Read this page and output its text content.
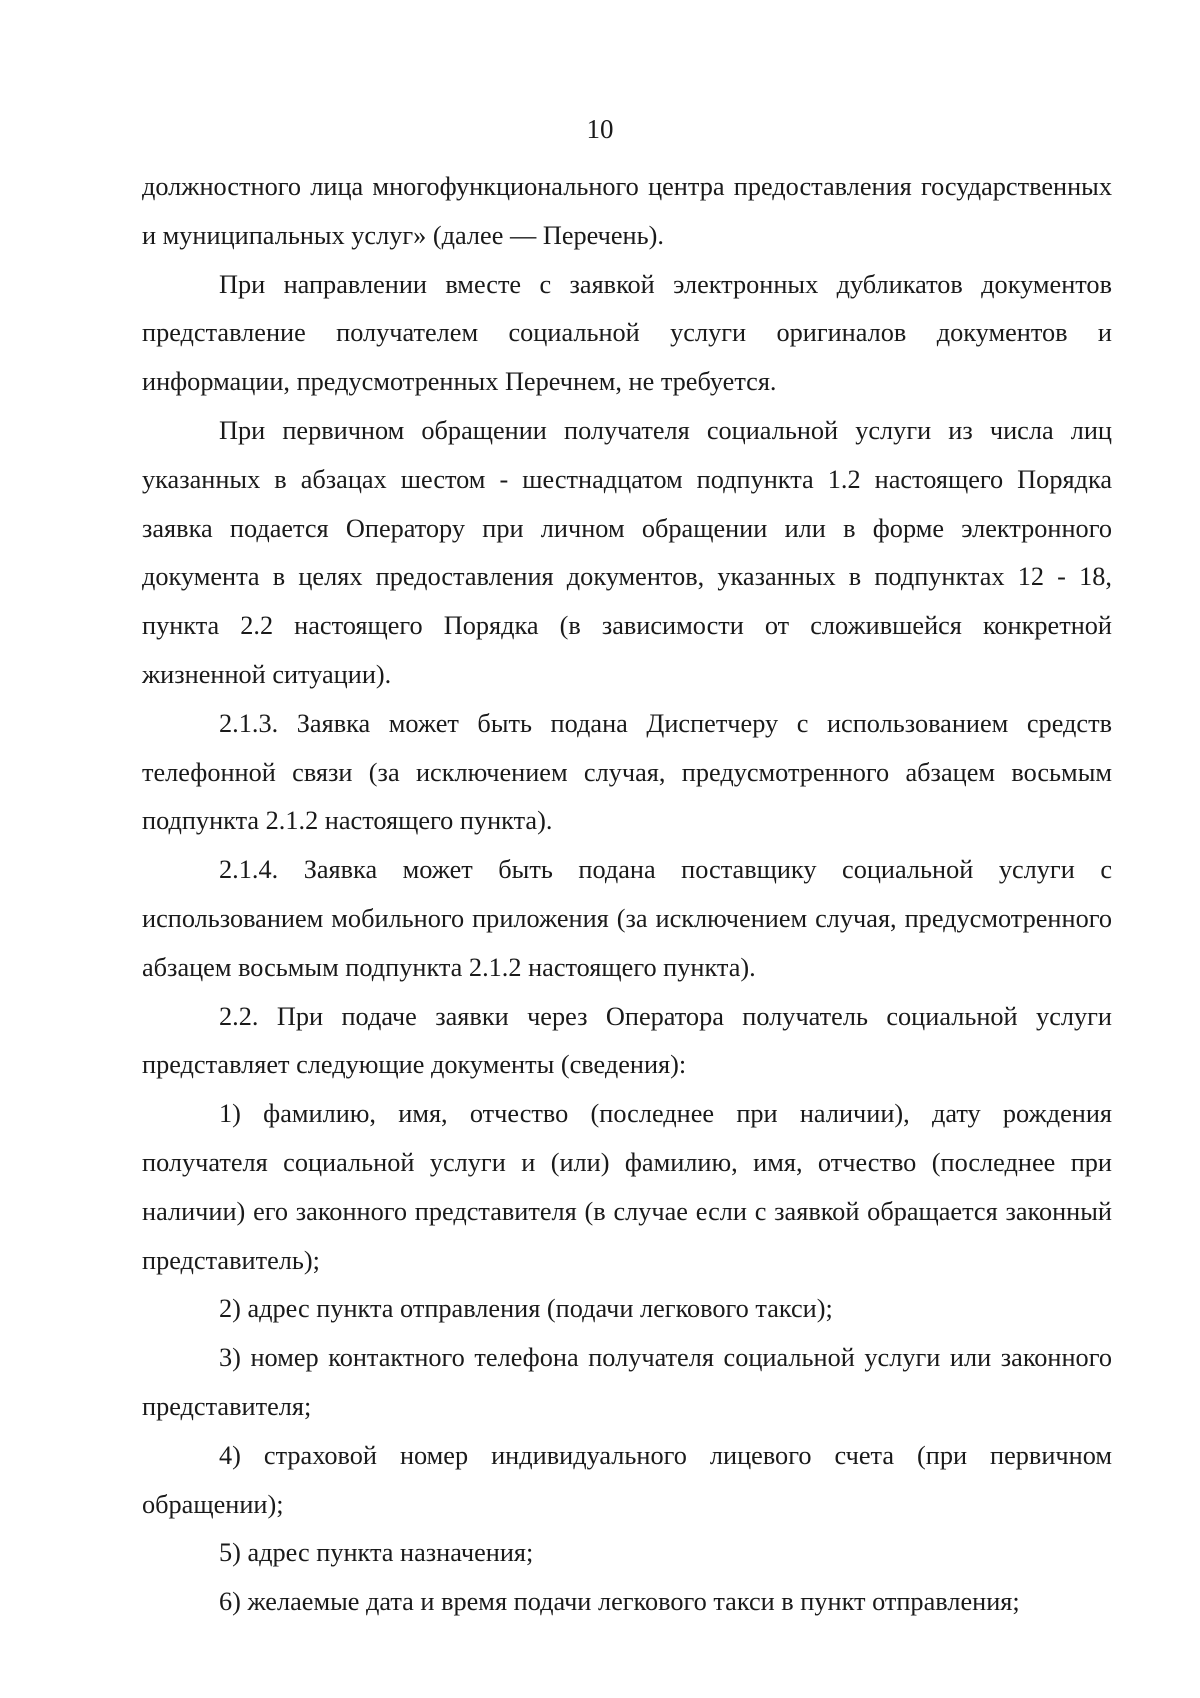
10

должностного лица многофункционального центра предоставления государственных и муниципальных услуг» (далее — Перечень).

При направлении вместе с заявкой электронных дубликатов документов представление получателем социальной услуги оригиналов документов и информации, предусмотренных Перечнем, не требуется.

При первичном обращении получателя социальной услуги из числа лиц указанных в абзацах шестом - шестнадцатом подпункта 1.2 настоящего Порядка заявка подается Оператору при личном обращении или в форме электронного документа в целях предоставления документов, указанных в подпунктах 12 - 18, пункта 2.2 настоящего Порядка (в зависимости от сложившейся конкретной жизненной ситуации).

2.1.3. Заявка может быть подана Диспетчеру с использованием средств телефонной связи (за исключением случая, предусмотренного абзацем восьмым подпункта 2.1.2 настоящего пункта).

2.1.4. Заявка может быть подана поставщику социальной услуги с использованием мобильного приложения (за исключением случая, предусмотренного абзацем восьмым подпункта 2.1.2 настоящего пункта).

2.2. При подаче заявки через Оператора получатель социальной услуги представляет следующие документы (сведения):

1) фамилию, имя, отчество (последнее при наличии), дату рождения получателя социальной услуги и (или) фамилию, имя, отчество (последнее при наличии) его законного представителя (в случае если с заявкой обращается законный представитель);

2) адрес пункта отправления (подачи легкового такси);

3) номер контактного телефона получателя социальной услуги или законного представителя;

4) страховой номер индивидуального лицевого счета (при первичном обращении);

5) адрес пункта назначения;

6) желаемые дата и время подачи легкового такси в пункт отправления;
